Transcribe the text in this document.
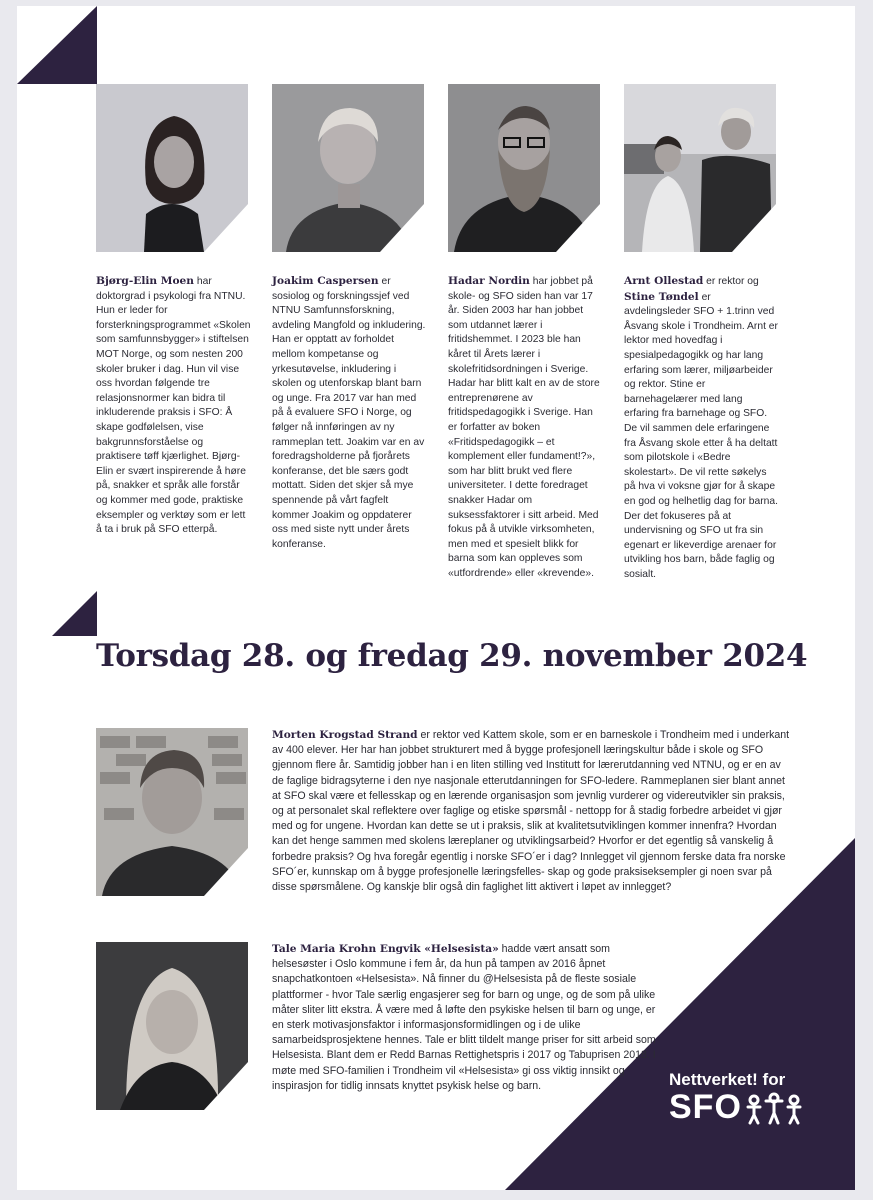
Bjørg-Elin Moen har doktorgrad i psykologi fra NTNU. Hun er leder for forsterkningsprogrammet «Skolen som samfunnsbygger» i stiftelsen MOT Norge, og som nesten 200 skoler bruker i dag. Hun vil vise oss hvordan følgende tre relasjonsnormer kan bidra til inkluderende praksis i SFO: Å skape godfølelsen, vise bakgrunnsforståelse og praktisere tøff kjærlighet. Bjørg-Elin er svært inspirerende å høre på, snakker et språk alle forstår og kommer med gode, praktiske eksempler og verktøy som er lett å ta i bruk på SFO etterpå.

Joakim Caspersen er sosiolog og forskningssjef ved NTNU Samfunnsforskning, avdeling Mangfold og inkludering. Han er opptatt av forholdet mellom kompetanse og yrkesutøvelse, inkludering i skolen og utenforskap blant barn og unge. Fra 2017 var han med på å evaluere SFO i Norge, og følger nå innføringen av ny rammeplan tett. Joakim var en av foredragsholderne på fjorårets konferanse, det ble særs godt mottatt. Siden det skjer så mye spennende på vårt fagfelt kommer Joakim og oppdaterer oss med siste nytt under årets konferanse.

Hadar Nordin har jobbet på skole- og SFO siden han var 17 år. Siden 2003 har han jobbet som utdannet lærer i fritidshemmet. I 2023 ble han kåret til Årets lærer i skolefritidsordningen i Sverige. Hadar har blitt kalt en av de store entreprenørene av fritidspedagogikk i Sverige. Han er forfatter av boken «Fritidspedagogikk – et komplement eller fundament!?», som har blitt brukt ved flere universiteter. I dette foredraget snakker Hadar om suksessfaktorer i sitt arbeid. Med fokus på å utvikle virksomheten, men med et spesielt blikk for barna som kan oppleves som «utfordrende» eller «krevende».

Arnt Ollestad er rektor og Stine Tøndel er avdelingsleder SFO + 1.trinn ved Åsvang skole i Trondheim. Arnt er lektor med hovedfag i spesialpedagogikk og har lang erfaring som lærer, miljøarbeider og rektor. Stine er barnehagelærer med lang erfaring fra barnehage og SFO. De vil sammen dele erfaringene fra Åsvang skole etter å ha deltatt som pilotskole i «Bedre skolestart». De vil rette søkelys på hva vi voksne gjør for å skape en god og helhetlig dag for barna. Der det fokuseres på at undervisning og SFO ut fra sin egenart er likeverdige arenaer for utvikling hos barn, både faglig og sosialt.

Torsdag 28. og fredag 29. november 2024

Morten Krogstad Strand er rektor ved Kattem skole, som er en barneskole i Trondheim med i underkant av 400 elever. Her har han jobbet strukturert med å bygge profesjonell læringskultur både i skole og SFO gjennom flere år. Samtidig jobber han i en liten stilling ved Institutt for lærerutdanning ved NTNU, og er en av de faglige bidragsyterne i den nye nasjonale etterutdanningen for SFO-ledere. Rammeplanen sier blant annet at SFO skal være et fellesskap og en lærende organisasjon som jevnlig vurderer og videreutvikler sin praksis, og at personalet skal reflektere over faglige og etiske spørsmål - nettopp for å stadig forbedre arbeidet vi gjør med og for ungene. Hvordan kan dette se ut i praksis, slik at kvalitetsutviklingen kommer innenfra? Hvordan kan det henge sammen med skolens læreplaner og utviklingsarbeid? Hvorfor er det egentlig så vanskelig å forbedre praksis? Og hva foregår egentlig i norske SFO´er i dag? Innlegget vil gjennom ferske data fra norske SFO´er, kunnskap om å bygge profesjonelle læringsfelles- skap og gode praksiseksempler gi noen svar på disse spørsmålene. Og kanskje blir også din faglighet litt aktivert i løpet av innlegget?

Tale Maria Krohn Engvik «Helsesista» hadde vært ansatt som helsesøster i Oslo kommune i fem år, da hun på tampen av 2016 åpnet snapchatkontoen «Helsesista». Nå finner du @Helsesista på de fleste sosiale plattformer - hvor Tale særlig engasjerer seg for barn og unge, og de som på ulike måter sliter litt ekstra. Å være med å løfte den psykiske helsen til barn og unge, er en sterk motivasjonsfaktor i informasjonsformidlingen og i de ulike samarbeidsprosjektene hennes. Tale er blitt tildelt mange priser for sitt arbeid som Helsesista. Blant dem er Redd Barnas Rettighetspris i 2017 og Tabuprisen 2018. I møte med SFO-familien i Trondheim vil «Helsesista» gi oss viktig innsikt og inspirasjon for tidlig innsats knyttet psykisk helse og barn.	Nettverket! for
SFO
